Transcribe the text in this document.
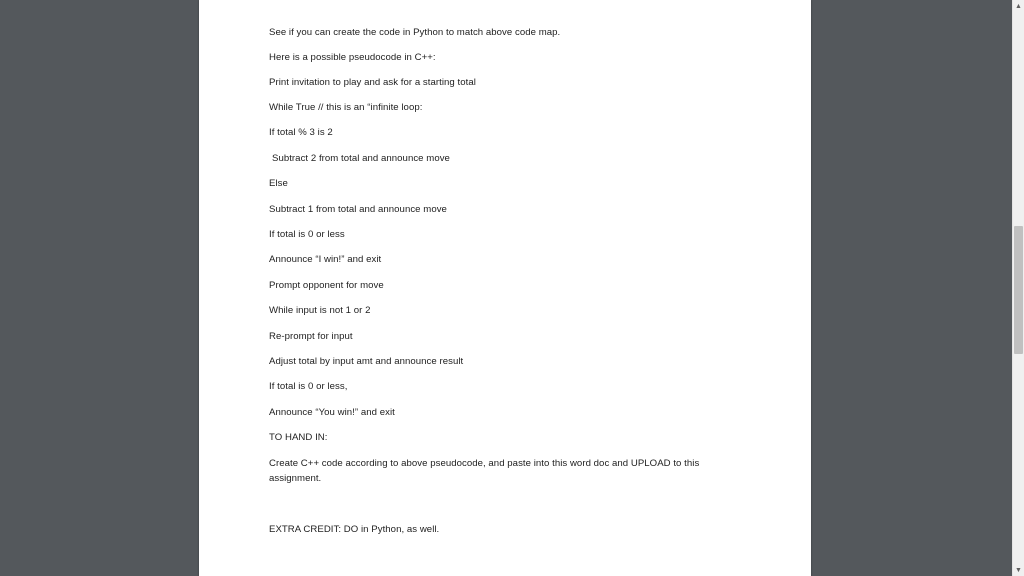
See if you can create the code in Python to match above code map.
Here is a possible pseudocode in C++:
Print invitation to play and ask for a starting total
While True // this is an “infinite loop:
If total % 3 is 2
Subtract 2 from total and announce move
Else
Subtract 1 from total and announce move
If total is 0 or less
Announce “I win!” and exit
Prompt opponent for move
While input is not 1 or 2
Re-prompt for input
Adjust total by input amt and announce result
If total is 0 or less,
Announce “You win!” and exit
TO HAND IN:
Create C++ code according to above pseudocode, and paste into this word doc and UPLOAD to this assignment.
EXTRA CREDIT: DO in Python, as well.
▲
▼
